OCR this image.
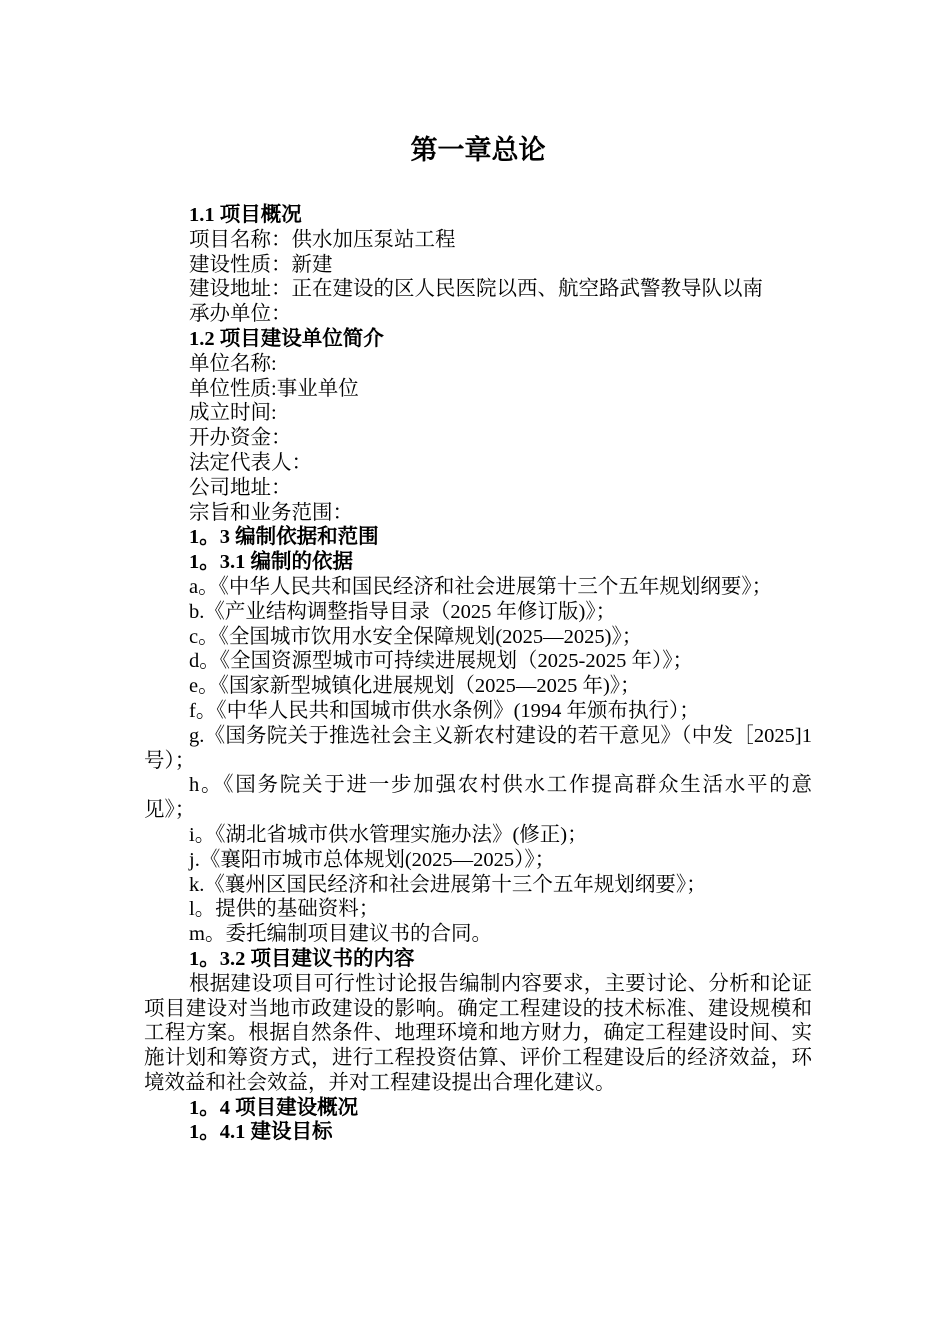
第一章总论

1.1 项目概况

项目名称：供水加压泵站工程

建设性质：新建

建设地址：正在建设的区人民医院以西、航空路武警教导队以南

承办单位：

1.2 项目建设单位简介

单位名称:

单位性质:事业单位

成立时间:

开办资金：

法定代表人：

公司地址：

宗旨和业务范围：

1。3 编制依据和范围

1。3.1 编制的依据

a。《中华人民共和国民经济和社会进展第十三个五年规划纲要》；

b.《产业结构调整指导目录（2025 年修订版)》；

c。《全国城市饮用水安全保障规划(2025—2025)》；

d。《全国资源型城市可持续进展规划（2025-2025 年）》；

e。《国家新型城镇化进展规划（2025—2025 年)》；

f。《中华人民共和国城市供水条例》(1994 年颁布执行）；

g.《国务院关于推选社会主义新农村建设的若干意见》（中发［2025]1 号）；

h。《国务院关于进一步加强农村供水工作提高群众生活水平的意见》；

i。《湖北省城市供水管理实施办法》(修正)；

j.《襄阳市城市总体规划(2025—2025）》；

k.《襄州区国民经济和社会进展第十三个五年规划纲要》；

l。提供的基础资料；

m。委托编制项目建议书的合同。

1。3.2 项目建议书的内容

根据建设项目可行性讨论报告编制内容要求，主要讨论、分析和论证项目建设对当地市政建设的影响。确定工程建设的技术标准、建设规模和工程方案。根据自然条件、地理环境和地方财力，确定工程建设时间、实施计划和筹资方式，进行工程投资估算、评价工程建设后的经济效益，环境效益和社会效益，并对工程建设提出合理化建议。

1。4 项目建设概况

1。4.1 建设目标
